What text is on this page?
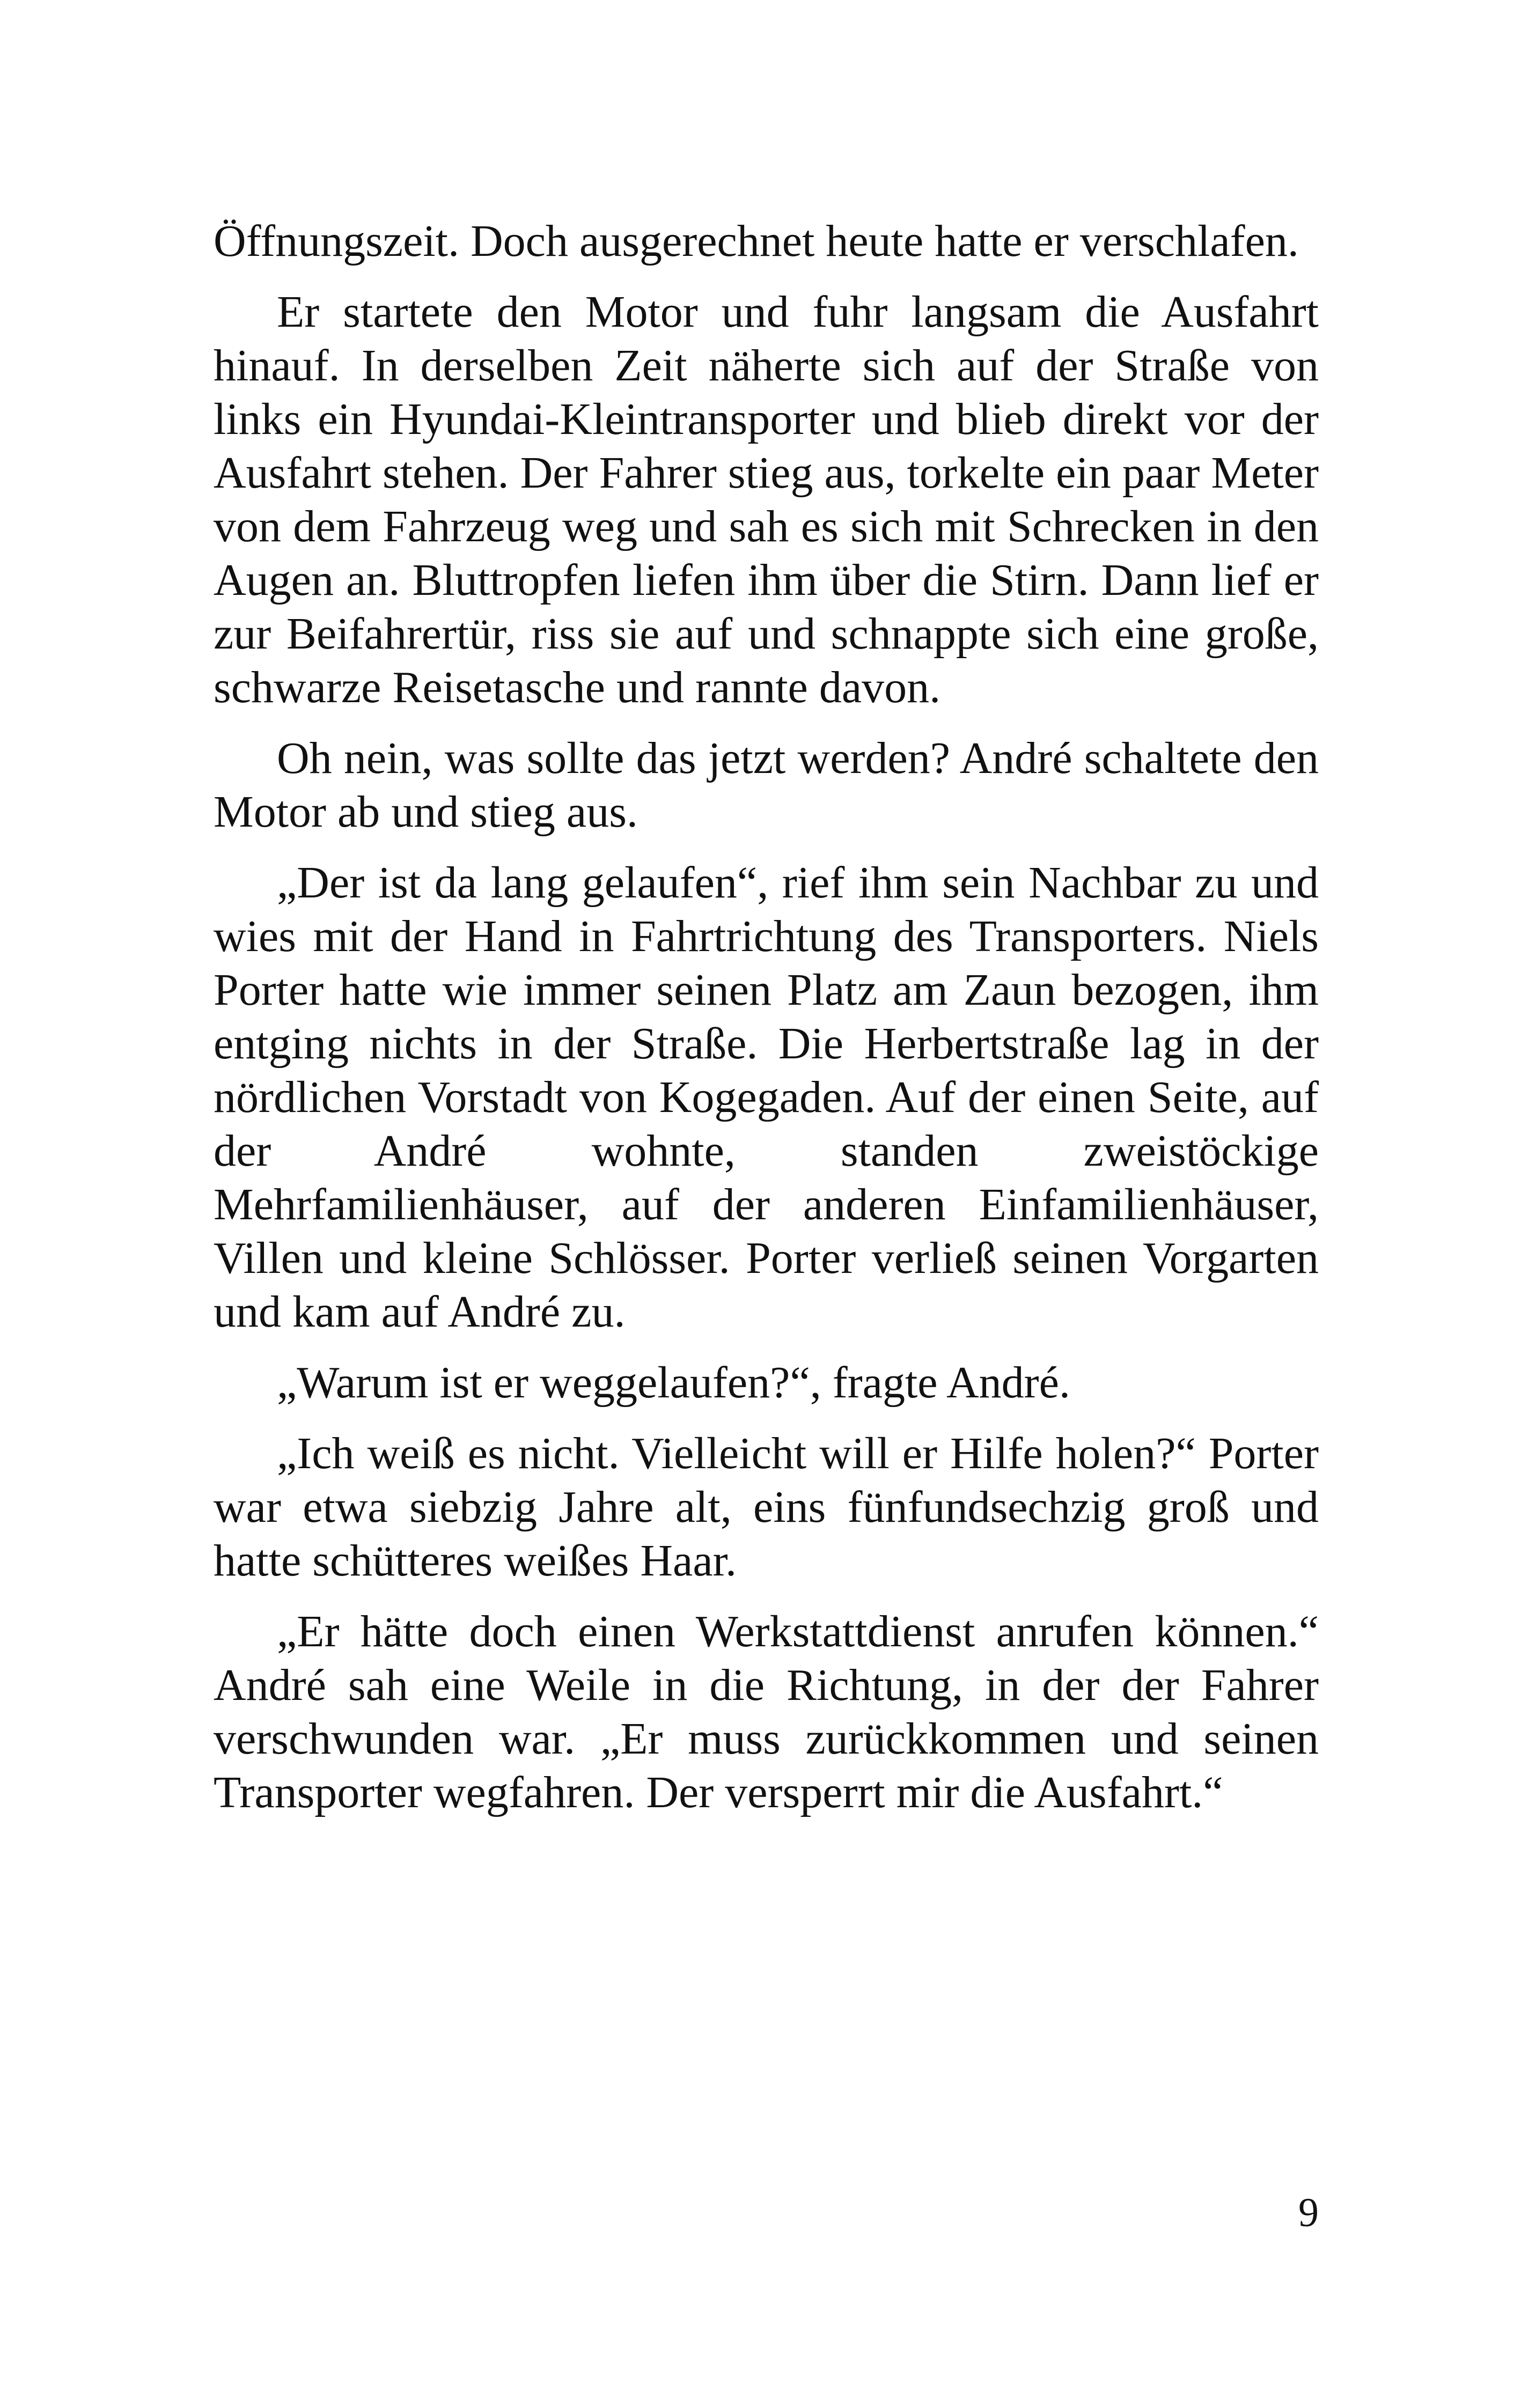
Öffnungszeit. Doch ausgerechnet heute hatte er verschlafen.

Er startete den Motor und fuhr langsam die Ausfahrt hinauf. In derselben Zeit näherte sich auf der Straße von links ein Hyundai-Kleintransporter und blieb direkt vor der Ausfahrt stehen. Der Fahrer stieg aus, torkelte ein paar Meter von dem Fahrzeug weg und sah es sich mit Schrecken in den Augen an. Bluttropfen liefen ihm über die Stirn. Dann lief er zur Beifahrertür, riss sie auf und schnappte sich eine große, schwarze Reisetasche und rannte davon.

Oh nein, was sollte das jetzt werden? André schaltete den Motor ab und stieg aus.

„Der ist da lang gelaufen“, rief ihm sein Nachbar zu und wies mit der Hand in Fahrtrichtung des Transporters. Niels Porter hatte wie immer seinen Platz am Zaun bezogen, ihm entging nichts in der Straße. Die Herbertstraße lag in der nördlichen Vorstadt von Kogegaden. Auf der einen Seite, auf der André wohnte, standen zweistöckige Mehrfamilienhäuser, auf der anderen Einfamilienhäuser, Villen und kleine Schlösser. Porter verließ seinen Vorgarten und kam auf André zu.

„Warum ist er weggelaufen?“, fragte André.

„Ich weiß es nicht. Vielleicht will er Hilfe holen?“ Porter war etwa siebzig Jahre alt, eins fünfundsechzig groß und hatte schütteres weißes Haar.

„Er hätte doch einen Werkstattdienst anrufen können.“ André sah eine Weile in die Richtung, in der der Fahrer verschwunden war. „Er muss zurückkommen und seinen Transporter wegfahren. Der versperrt mir die Ausfahrt.“

9
